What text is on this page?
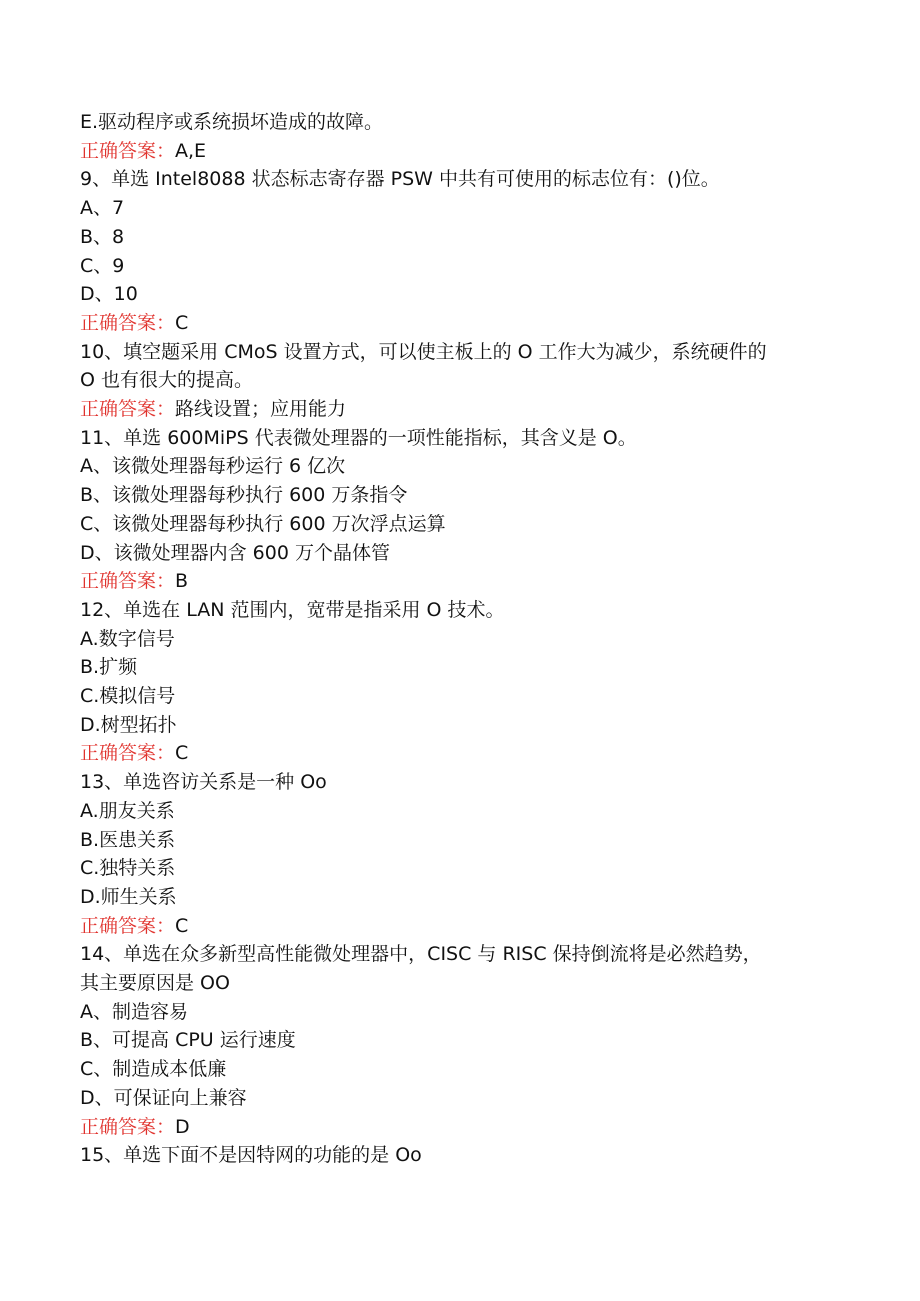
E.驱动程序或系统损坏造成的故障。
正确答案：A,E
9、单选 Intel8088 状态标志寄存器 PSW 中共有可使用的标志位有：()位。
A、7
B、8
C、9
D、10
正确答案：C
10、填空题采用 CMoS 设置方式，可以使主板上的 O 工作大为减少，系统硬件的
O 也有很大的提高。
正确答案：路线设置；应用能力
11、单选 600MiPS 代表微处理器的一项性能指标，其含义是 O。
A、该微处理器每秒运行 6 亿次
B、该微处理器每秒执行 600 万条指令
C、该微处理器每秒执行 600 万次浮点运算
D、该微处理器内含 600 万个晶体管
正确答案：B
12、单选在 LAN 范围内，宽带是指采用 O 技术。
A.数字信号
B.扩频
C.模拟信号
D.树型拓扑
正确答案：C
13、单选咨访关系是一种 Oo
A.朋友关系
B.医患关系
C.独特关系
D.师生关系
正确答案：C
14、单选在众多新型高性能微处理器中，CISC 与 RISC 保持倒流将是必然趋势，
其主要原因是 OO
A、制造容易
B、可提高 CPU 运行速度
C、制造成本低廉
D、可保证向上兼容
正确答案：D
15、单选下面不是因特网的功能的是 Oo
